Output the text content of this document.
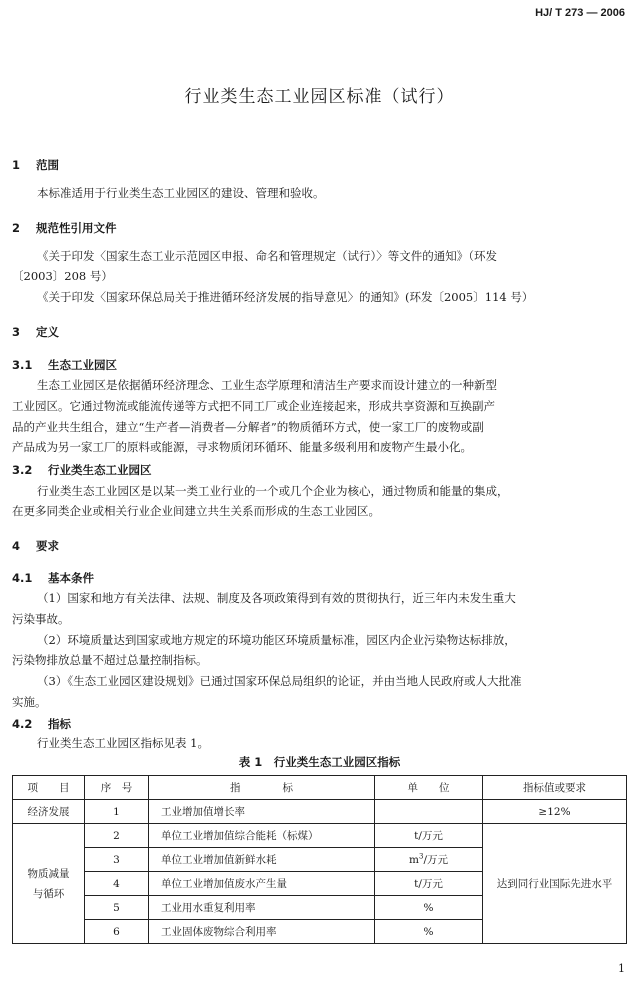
HJ/ T 273 — 2006
行业类生态工业园区标准（试行）
1 范围
本标准适用于行业类生态工业园区的建设、管理和验收。
2 规范性引用文件
《关于印发〈国家生态工业示范园区申报、命名和管理规定（试行）〉等文件的通知》（环发
〔2003〕208 号）
《关于印发〈国家环保总局关于推进循环经济发展的指导意见〉的通知》(环发〔2005〕114 号）
3 定义
3.1 生态工业园区
生态工业园区是依据循环经济理念、工业生态学原理和清洁生产要求而设计建立的一种新型
工业园区。它通过物流或能流传递等方式把不同工厂或企业连接起来，形成共享资源和互换副产
品的产业共生组合，建立“生产者—消费者—分解者”的物质循环方式，使一家工厂的废物或副
产品成为另一家工厂的原料或能源，寻求物质闭环循环、能量多级利用和废物产生最小化。
3.2 行业类生态工业园区
行业类生态工业园区是以某一类工业行业的一个或几个企业为核心，通过物质和能量的集成，
在更多同类企业或相关行业企业间建立共生关系而形成的生态工业园区。
4 要求
4.1 基本条件
（1）国家和地方有关法律、法规、制度及各项政策得到有效的贯彻执行，近三年内未发生重大
污染事故。
（2）环境质量达到国家或地方规定的环境功能区环境质量标准，园区内企业污染物达标排放，
污染物排放总量不超过总量控制指标。
（3）《生态工业园区建设规划》已通过国家环保总局组织的论证，并由当地人民政府或人大批准
实施。
4.2 指标
行业类生态工业园区指标见表 1。
表 1　行业类生态工业园区指标
项　　目	序　号	指　　　　标	单　　位	指标值或要求
经济发展	1	工业增加值增长率		≥12%
物质减量与循环	2	单位工业增加值综合能耗（标煤）	t/万元	达到同行业国际先进水平
	3	单位工业增加值新鲜水耗	$m^3/$万元	
	4	单位工业增加值废水产生量	t/万元	
	5	工业用水重复利用率	%	
	6	工业固体废物综合利用率	%	
1
